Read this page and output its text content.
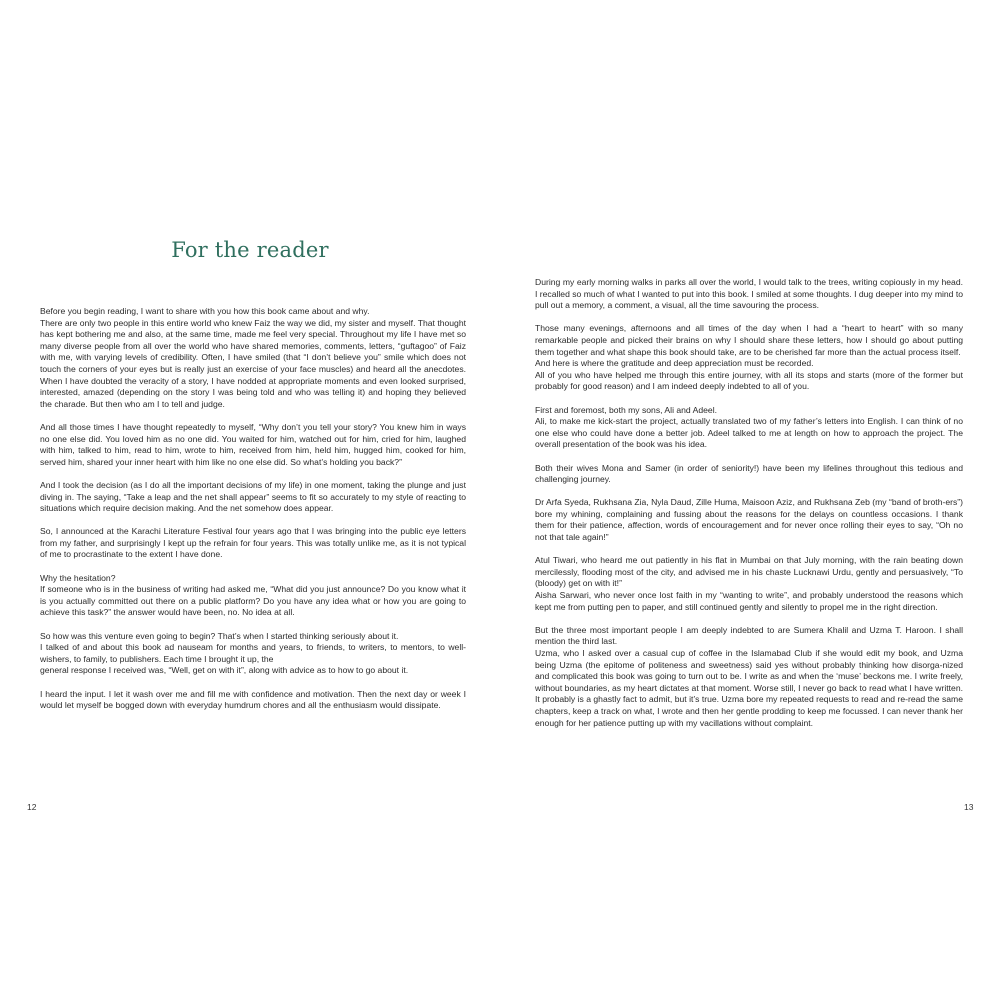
For the reader

Before you begin reading, I want to share with you how this book came about and why.
There are only two people in this entire world who knew Faiz the way we did, my sister and myself. That thought has kept bothering me and also, at the same time, made me feel very special. Throughout my life I have met so many diverse people from all over the world who have shared memories, comments, letters, “guftagoo” of Faiz with me, with varying levels of credibility. Often, I have smiled (that “I don’t believe you” smile which does not touch the corners of your eyes but is really just an exercise of your face muscles) and heard all the anecdotes. When I have doubted the veracity of a story, I have nodded at appropriate moments and even looked surprised, interested, amazed (depending on the story I was being told and who was telling it) and hoping they believed the charade. But then who am I to tell and judge.

And all those times I have thought repeatedly to myself, “Why don’t you tell your story? You knew him in ways no one else did. You loved him as no one did. You waited for him, watched out for him, cried for him, laughed with him, talked to him, read to him, wrote to him, received from him, held him, hugged him, cooked for him, served him, shared your inner heart with him like no one else did. So what’s holding you back?”

And I took the decision (as I do all the important decisions of my life) in one moment, taking the plunge and just diving in. The saying, “Take a leap and the net shall appear” seems to fit so accurately to my style of reacting to situations which require decision making. And the net somehow does appear.

So, I announced at the Karachi Literature Festival four years ago that I was bringing into the public eye letters from my father, and surprisingly I kept up the refrain for four years. This was totally unlike me, as it is not typical of me to procrastinate to the extent I have done.

Why the hesitation?
If someone who is in the business of writing had asked me, “What did you just announce? Do you know what it is you actually committed out there on a public platform? Do you have any idea what or how you are going to achieve this task?” the answer would have been, no. No idea at all.

So how was this venture even going to begin? That’s when I started thinking seriously about it.
I talked of and about this book ad nauseam for months and years, to friends, to writers, to mentors, to well-wishers, to family, to publishers. Each time I brought it up, the
general response I received was, “Well, get on with it”, along with advice as to how to go about it.

I heard the input. I let it wash over me and fill me with confidence and motivation. Then the next day or week I would let myself be bogged down with everyday humdrum chores and all the enthusiasm would dissipate.

12

During my early morning walks in parks all over the world, I would talk to the trees, writing copiously in my head. I recalled so much of what I wanted to put into this book. I smiled at some thoughts. I dug deeper into my mind to pull out a memory, a comment, a visual, all the time savouring the process.

Those many evenings, afternoons and all times of the day when I had a “heart to heart” with so many remarkable people and picked their brains on why I should share these letters, how I should go about putting them together and what shape this book should take, are to be cherished far more than the actual process itself.
And here is where the gratitude and deep appreciation must be recorded.
All of you who have helped me through this entire journey, with all its stops and starts (more of the former but probably for good reason) and I am indeed deeply indebted to all of you.

First and foremost, both my sons, Ali and Adeel.
Ali, to make me kick-start the project, actually translated two of my father’s letters into English. I can think of no one else who could have done a better job. Adeel talked to me at length on how to approach the project. The overall presentation of the book was his idea.

Both their wives Mona and Samer (in order of seniority!) have been my lifelines throughout this tedious and challenging journey.

Dr Arfa Syeda, Rukhsana Zia, Nyla Daud, Zille Huma, Maisoon Aziz, and Rukhsana Zeb (my “band of broth-ers”) bore my whining, complaining and fussing about the reasons for the delays on countless occasions. I thank them for their patience, affection, words of encouragement and for never once rolling their eyes to say, “Oh no not that tale again!”

Atul Tiwari, who heard me out patiently in his flat in Mumbai on that July morning, with the rain beating down mercilessly, flooding most of the city, and advised me in his chaste Lucknawi Urdu, gently and persuasively, “To (bloody) get on with it!”
Aisha Sarwari, who never once lost faith in my “wanting to write”, and probably understood the reasons which kept me from putting pen to paper, and still continued gently and silently to propel me in the right direction.

But the three most important people I am deeply indebted to are Sumera Khalil and Uzma T. Haroon. I shall mention the third last.
Uzma, who I asked over a casual cup of coffee in the Islamabad Club if she would edit my book, and Uzma being Uzma (the epitome of politeness and sweetness) said yes without probably thinking how disorga-nized and complicated this book was going to turn out to be. I write as and when the ‘muse’ beckons me. I write freely, without boundaries, as my heart dictates at that moment. Worse still, I never go back to read what I have written. It probably is a ghastly fact to admit, but it’s true. Uzma bore my repeated requests to read and re-read the same chapters, keep a track on what, I wrote and then her gentle prodding to keep me focussed. I can never thank her enough for her patience putting up with my vacillations without complaint.

13
